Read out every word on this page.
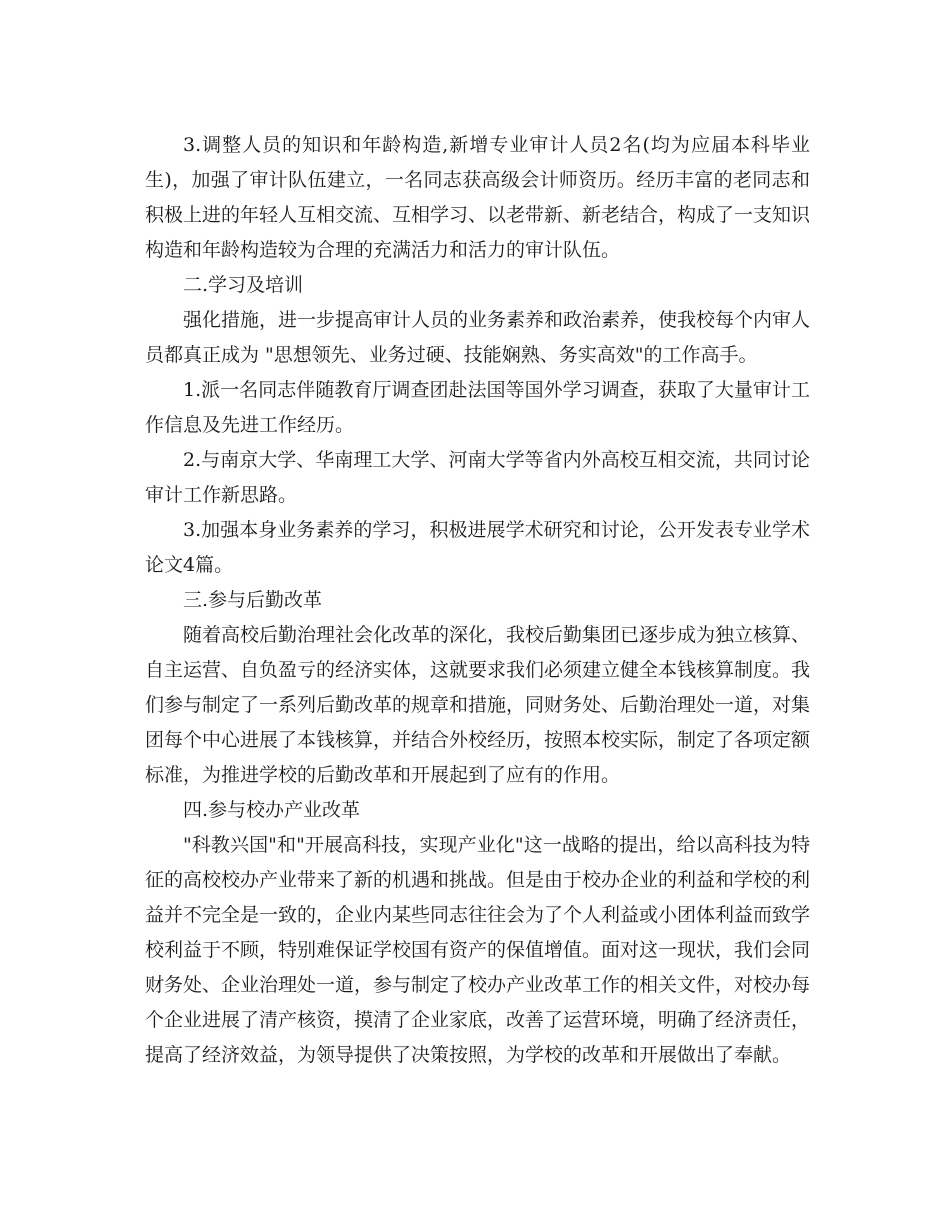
3.调整人员的知识和年龄构造,新增专业审计人员2名(均为应届本科毕业生)，加强了审计队伍建立，一名同志获高级会计师资历。经历丰富的老同志和积极上进的年轻人互相交流、互相学习、以老带新、新老结合，构成了一支知识构造和年龄构造较为合理的充满活力和活力的审计队伍。

二.学习及培训

强化措施，进一步提高审计人员的业务素养和政治素养，使我校每个内审人员都真正成为 "思想领先、业务过硬、技能娴熟、务实高效"的工作高手。

1.派一名同志伴随教育厅调查团赴法国等国外学习调查，获取了大量审计工作信息及先进工作经历。

2.与南京大学、华南理工大学、河南大学等省内外高校互相交流，共同讨论审计工作新思路。

3.加强本身业务素养的学习，积极进展学术研究和讨论，公开发表专业学术论文4篇。

三.参与后勤改革

随着高校后勤治理社会化改革的深化，我校后勤集团已逐步成为独立核算、自主运营、自负盈亏的经济实体，这就要求我们必须建立健全本钱核算制度。我们参与制定了一系列后勤改革的规章和措施，同财务处、后勤治理处一道，对集团每个中心进展了本钱核算，并结合外校经历，按照本校实际，制定了各项定额标准，为推进学校的后勤改革和开展起到了应有的作用。

四.参与校办产业改革

"科教兴国"和"开展高科技，实现产业化"这一战略的提出，给以高科技为特征的高校校办产业带来了新的机遇和挑战。但是由于校办企业的利益和学校的利益并不完全是一致的，企业内某些同志往往会为了个人利益或小团体利益而致学校利益于不顾，特别难保证学校国有资产的保值增值。面对这一现状，我们会同财务处、企业治理处一道，参与制定了校办产业改革工作的相关文件，对校办每个企业进展了清产核资，摸清了企业家底，改善了运营环境，明确了经济责任，提高了经济效益，为领导提供了决策按照，为学校的改革和开展做出了奉献。
